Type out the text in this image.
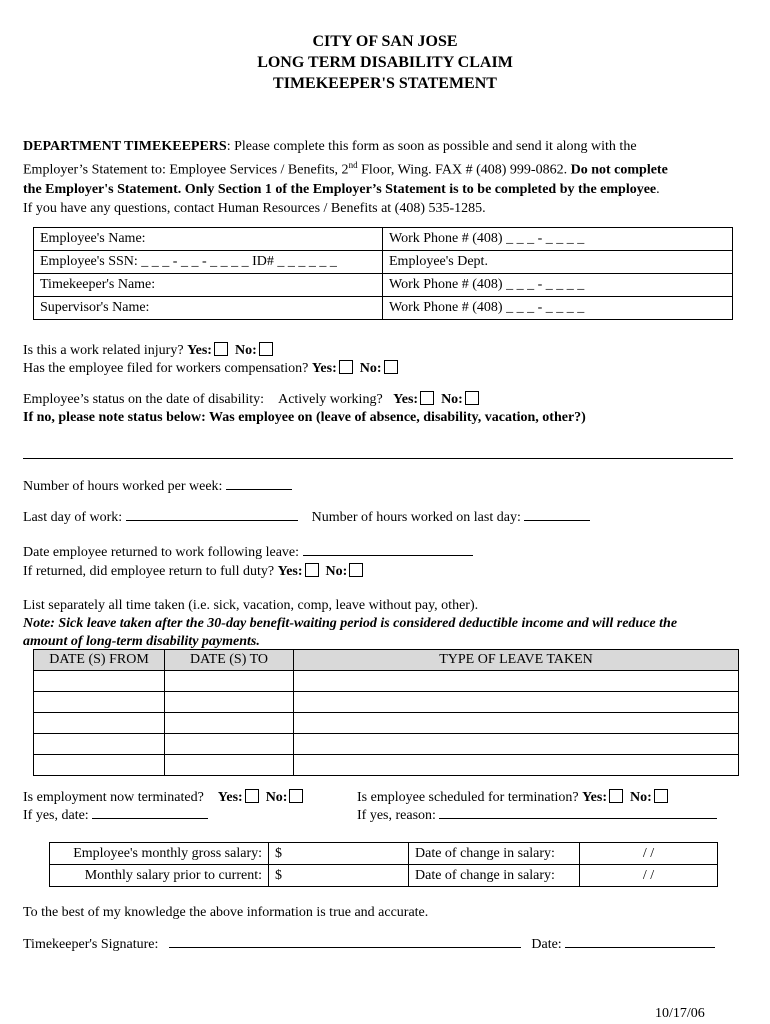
CITY OF SAN JOSE
LONG TERM DISABILITY CLAIM
TIMEKEEPER'S STATEMENT
DEPARTMENT TIMEKEEPERS: Please complete this form as soon as possible and send it along with the
Employer’s Statement to: Employee Services / Benefits, 2nd Floor, Wing. FAX # (408) 999-0862. Do not complete
the Employer's Statement. Only Section 1 of the Employer’s Statement is to be completed by the employee.
If you have any questions, contact Human Resources / Benefits at (408) 535-1285.
Employee's Name:	Work Phone # (408) _ _ _ - _ _ _ _
Employee's SSN: _ _ _ - _ _ - _ _ _ _ ID# _ _ _ _ _ _	Employee's Dept.
Timekeeper's Name:	Work Phone # (408) _ _ _ - _ _ _ _
Supervisor's Name:	Work Phone # (408) _ _ _ - _ _ _ _
Is this a work related injury? Yes: No:
Has the employee filed for workers compensation? Yes: No:
Employee’s status on the date of disability: Actively working? Yes: No:
If no, please note status below: Was employee on (leave of absence, disability, vacation, other?)
Number of hours worked per week:
Last day of work:	Number of hours worked on last day:
Date employee returned to work following leave:
If returned, did employee return to full duty? Yes: No:
List separately all time taken (i.e. sick, vacation, comp, leave without pay, other).
Note: Sick leave taken after the 30-day benefit-waiting period is considered deductible income and will reduce the
amount of long-term disability payments.
DATE (S) FROM	DATE (S) TO	TYPE OF LEAVE TAKEN

Is employment now terminated? Yes: No:
If yes, date:
Is employee scheduled for termination? Yes: No:
If yes, reason:
Employee's monthly gross salary:	$	Date of change in salary:	/ /
Monthly salary prior to current:	$	Date of change in salary:	/ /
To the best of my knowledge the above information is true and accurate.
Timekeeper's Signature:	Date:
10/17/06
